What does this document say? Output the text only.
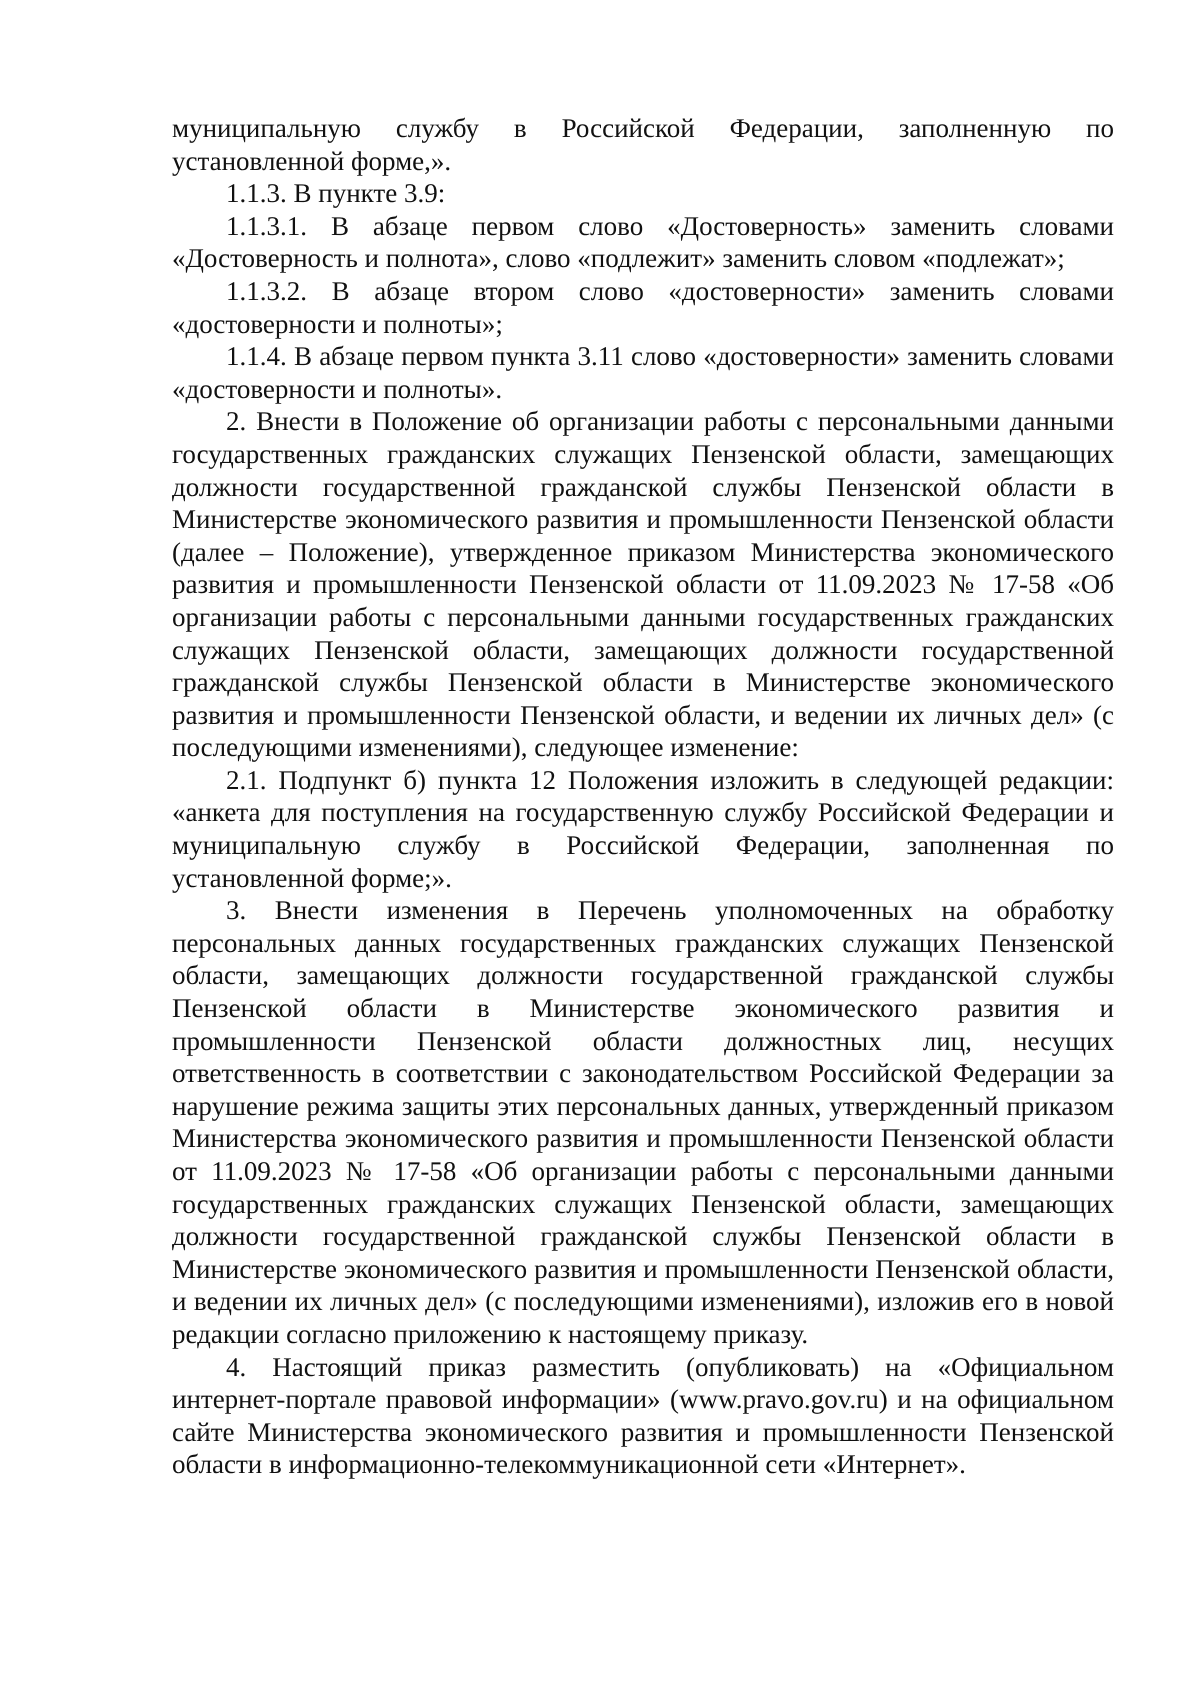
муниципальную службу в Российской Федерации, заполненную по установленной форме,».

1.1.3. В пункте 3.9:

1.1.3.1. В абзаце первом слово «Достоверность» заменить словами «Достоверность и полнота», слово «подлежит» заменить словом «подлежат»;

1.1.3.2. В абзаце втором слово «достоверности» заменить словами «достоверности и полноты»;

1.1.4. В абзаце первом пункта 3.11 слово «достоверности» заменить словами «достоверности и полноты».

2. Внести в Положение об организации работы с персональными данными государственных гражданских служащих Пензенской области, замещающих должности государственной гражданской службы Пензенской области в Министерстве экономического развития и промышленности Пензенской области (далее – Положение), утвержденное приказом Министерства экономического развития и промышленности Пензенской области от 11.09.2023 № 17-58 «Об организации работы с персональными данными государственных гражданских служащих Пензенской области, замещающих должности государственной гражданской службы Пензенской области в Министерстве экономического развития и промышленности Пензенской области, и ведении их личных дел» (с последующими изменениями), следующее изменение:

2.1. Подпункт б) пункта 12 Положения изложить в следующей редакции: «анкета для поступления на государственную службу Российской Федерации и муниципальную службу в Российской Федерации, заполненная по установленной форме;».

3. Внести изменения в Перечень уполномоченных на обработку персональных данных государственных гражданских служащих Пензенской области, замещающих должности государственной гражданской службы Пензенской области в Министерстве экономического развития и промышленности Пензенской области должностных лиц, несущих ответственность в соответствии с законодательством Российской Федерации за нарушение режима защиты этих персональных данных, утвержденный приказом Министерства экономического развития и промышленности Пензенской области от 11.09.2023 № 17-58 «Об организации работы с персональными данными государственных гражданских служащих Пензенской области, замещающих должности государственной гражданской службы Пензенской области в Министерстве экономического развития и промышленности Пензенской области, и ведении их личных дел» (с последующими изменениями), изложив его в новой редакции согласно приложению к настоящему приказу.

4. Настоящий приказ разместить (опубликовать) на «Официальном интернет-портале правовой информации» (www.pravo.gov.ru) и на официальном сайте Министерства экономического развития и промышленности Пензенской области в информационно-телекоммуникационной сети «Интернет».
